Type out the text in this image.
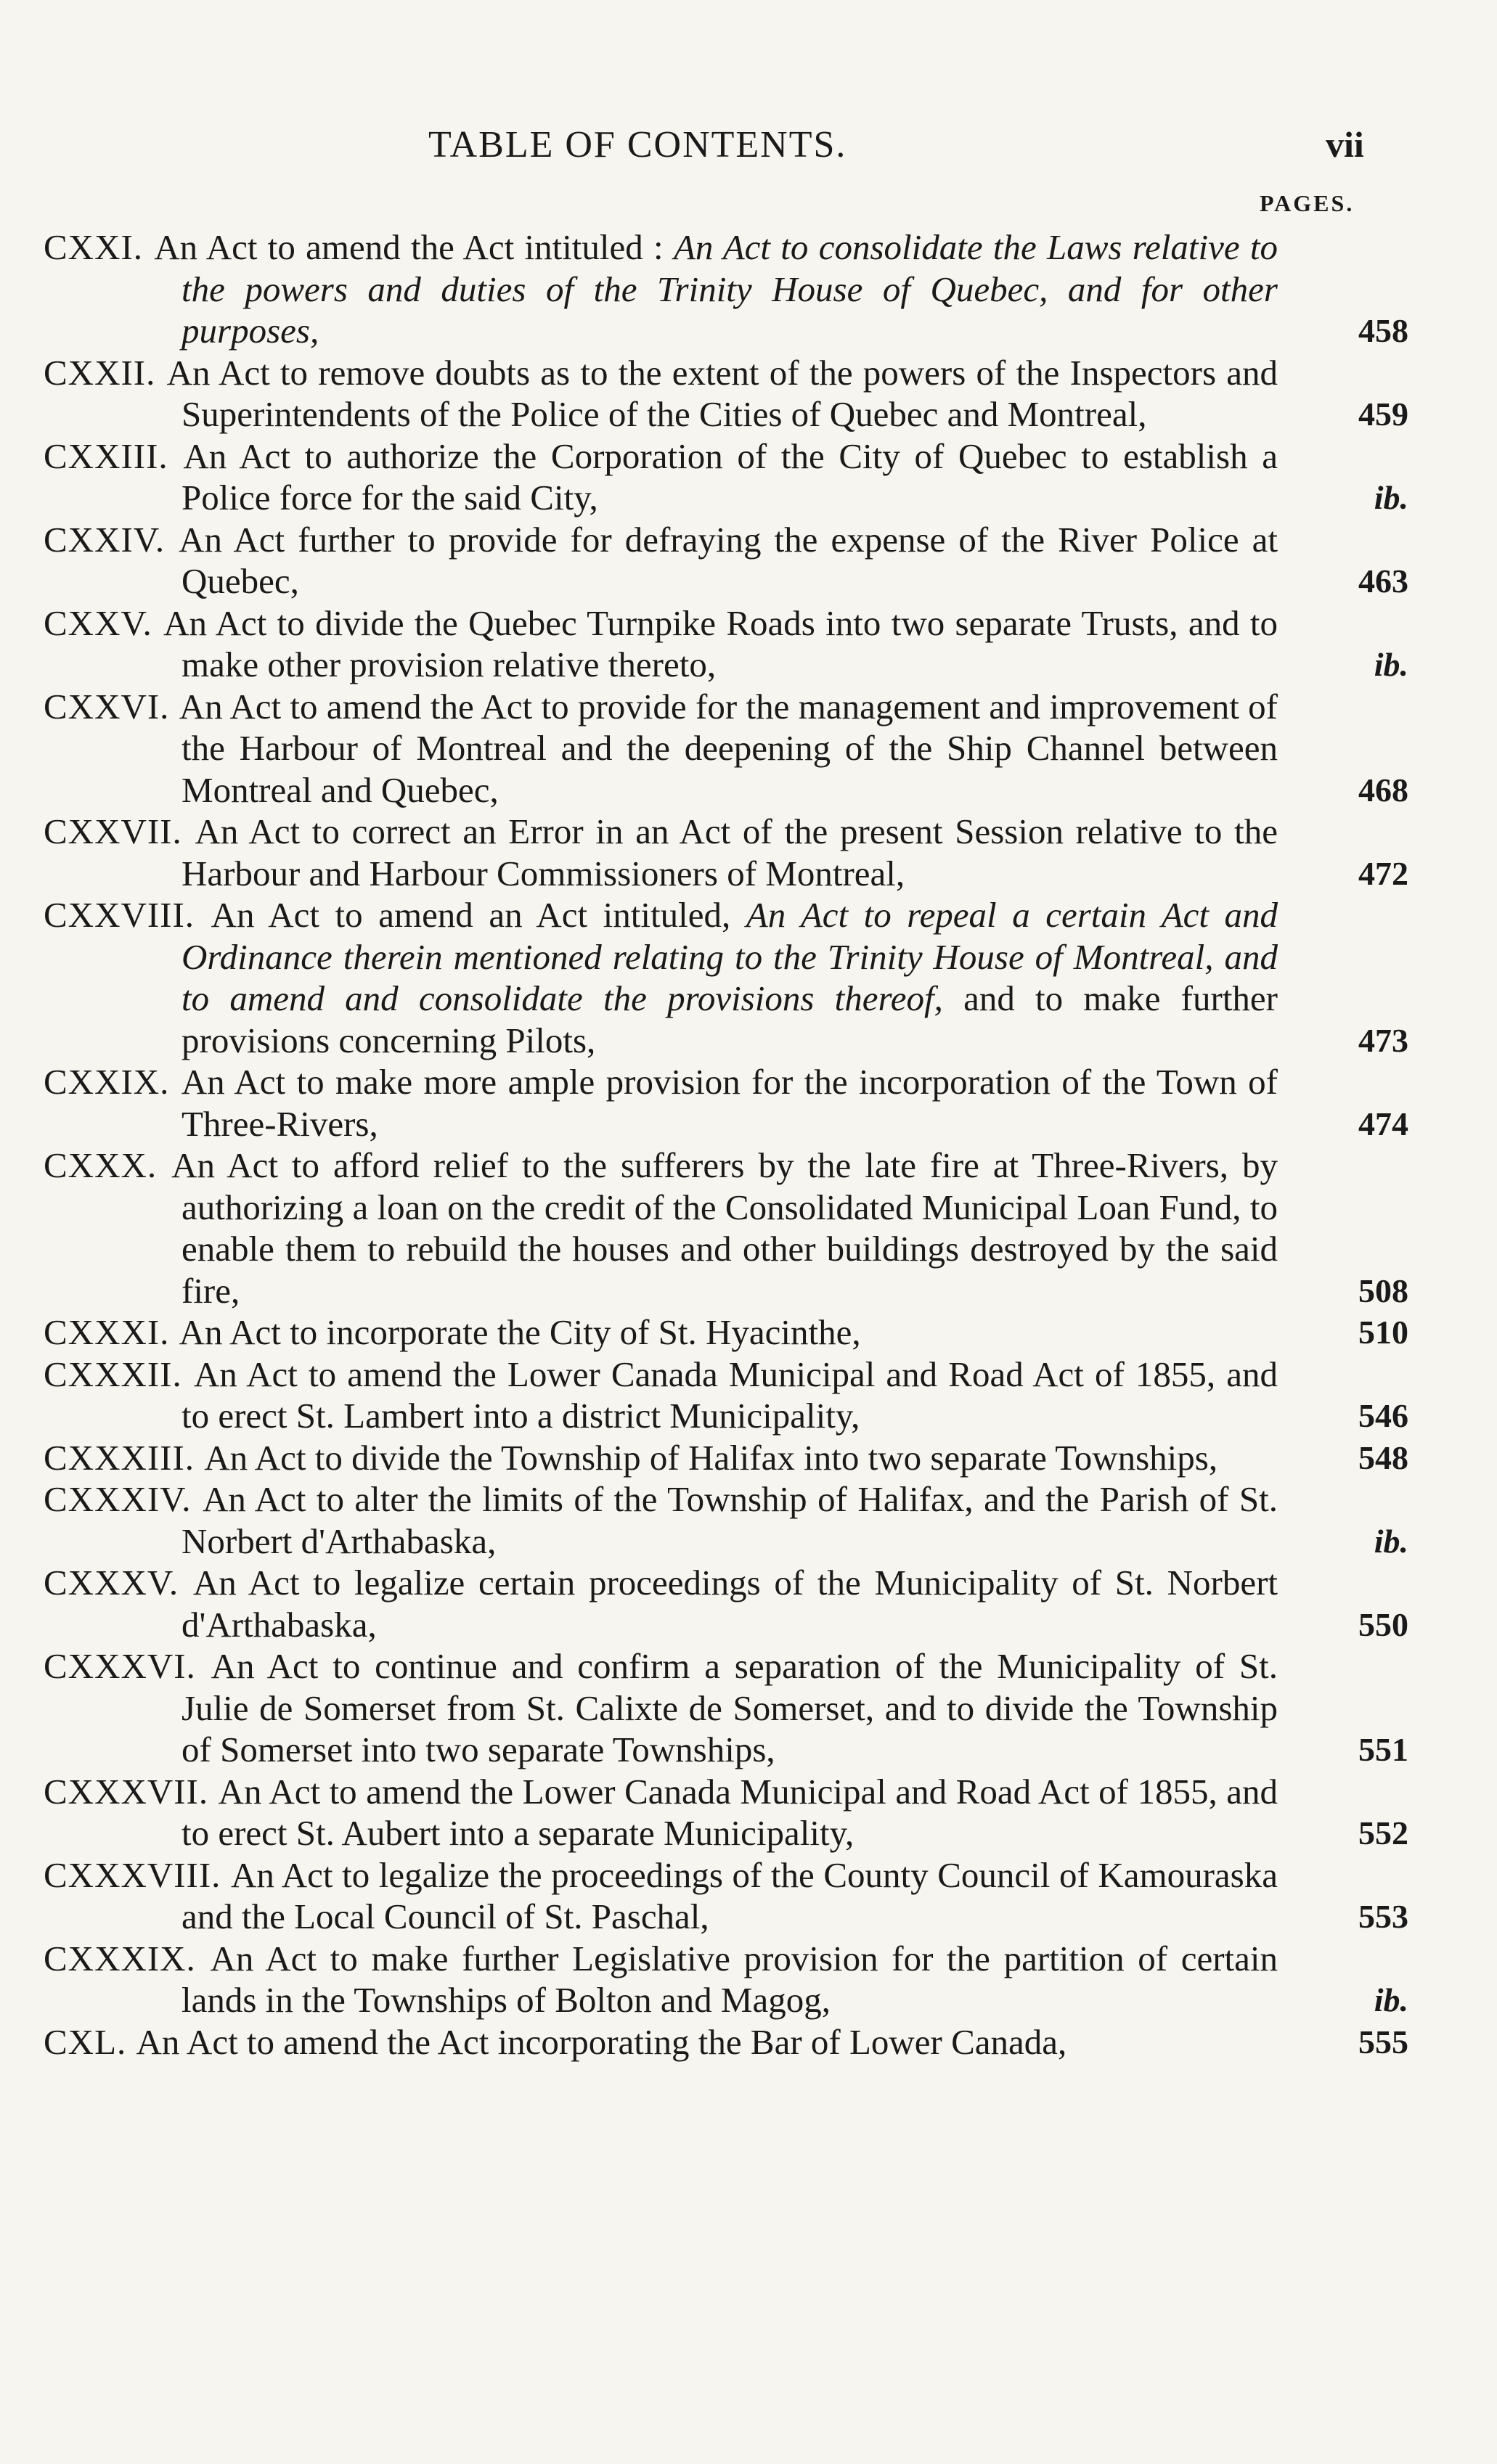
TABLE OF CONTENTS.	vii
PAGES.
CXXI. An Act to amend the Act intituled : An Act to consolidate the Laws relative to the powers and duties of the Trinity House of Quebec, and for other purposes,	458
CXXII. An Act to remove doubts as to the extent of the powers of the Inspectors and Superintendents of the Police of the Cities of Quebec and Montreal,	459
CXXIII. An Act to authorize the Corporation of the City of Quebec to establish a Police force for the said City,	ib.
CXXIV. An Act further to provide for defraying the expense of the River Police at Quebec,	463
CXXV. An Act to divide the Quebec Turnpike Roads into two separate Trusts, and to make other provision relative thereto,	ib.
CXXVI. An Act to amend the Act to provide for the management and improvement of the Harbour of Montreal and the deepening of the Ship Channel between Montreal and Quebec,	468
CXXVII. An Act to correct an Error in an Act of the present Session relative to the Harbour and Harbour Commissioners of Montreal,	472
CXXVIII. An Act to amend an Act intituled, An Act to repeal a certain Act and Ordinance therein mentioned relating to the Trinity House of Montreal, and to amend and consolidate the provisions thereof, and to make further provisions concerning Pilots,	473
CXXIX. An Act to make more ample provision for the incorporation of the Town of Three-Rivers,	474
CXXX. An Act to afford relief to the sufferers by the late fire at Three-Rivers, by authorizing a loan on the credit of the Consolidated Municipal Loan Fund, to enable them to rebuild the houses and other buildings destroyed by the said fire,	508
CXXXI. An Act to incorporate the City of St. Hyacinthe,	510
CXXXII. An Act to amend the Lower Canada Municipal and Road Act of 1855, and to erect St. Lambert into a district Municipality,	546
CXXXIII. An Act to divide the Township of Halifax into two separate Townships,	548
CXXXIV. An Act to alter the limits of the Township of Halifax, and the Parish of St. Norbert d'Arthabaska,	ib.
CXXXV. An Act to legalize certain proceedings of the Municipality of St. Norbert d'Arthabaska,	550
CXXXVI. An Act to continue and confirm a separation of the Municipality of St. Julie de Somerset from St. Calixte de Somerset, and to divide the Township of Somerset into two separate Townships,	551
CXXXVII. An Act to amend the Lower Canada Municipal and Road Act of 1855, and to erect St. Aubert into a separate Municipality,	552
CXXXVIII. An Act to legalize the proceedings of the County Council of Kamouraska and the Local Council of St. Paschal,	553
CXXXIX. An Act to make further Legislative provision for the partition of certain lands in the Townships of Bolton and Magog,	ib.
CXL. An Act to amend the Act incorporating the Bar of Lower Canada,	555
